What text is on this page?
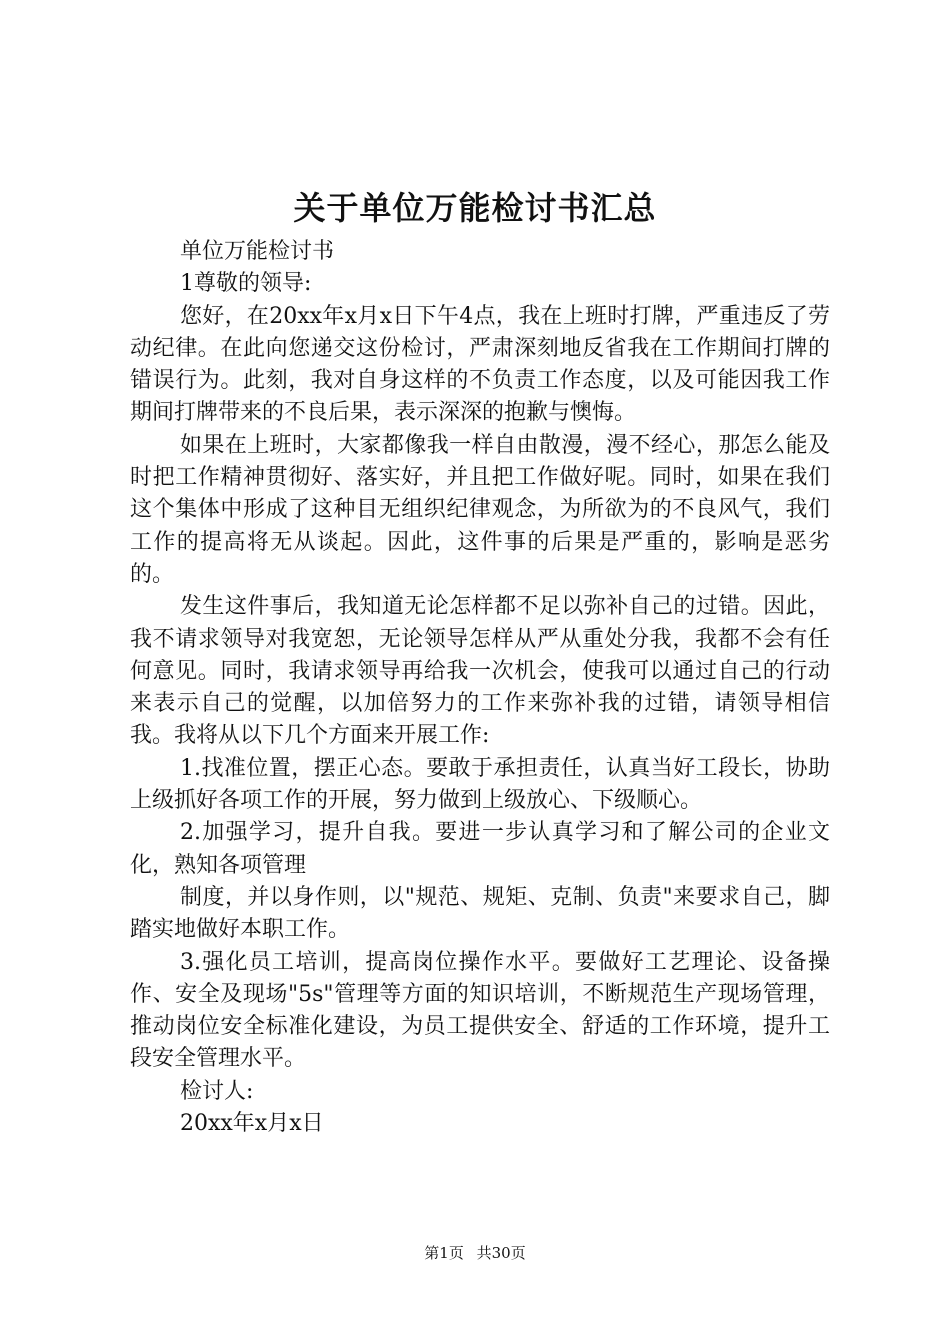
关于单位万能检讨书汇总

单位万能检讨书

1尊敬的领导:

您好，在20xx年x月x日下午4点，我在上班时打牌，严重违反了劳动纪律。在此向您递交这份检讨，严肃深刻地反省我在工作期间打牌的错误行为。此刻，我对自身这样的不负责工作态度，以及可能因我工作期间打牌带来的不良后果，表示深深的抱歉与懊悔。

如果在上班时，大家都像我一样自由散漫，漫不经心，那怎么能及时把工作精神贯彻好、落实好，并且把工作做好呢。同时，如果在我们这个集体中形成了这种目无组织纪律观念，为所欲为的不良风气，我们工作的提高将无从谈起。因此，这件事的后果是严重的，影响是恶劣的。

发生这件事后，我知道无论怎样都不足以弥补自己的过错。因此，我不请求领导对我宽恕，无论领导怎样从严从重处分我，我都不会有任何意见。同时，我请求领导再给我一次机会，使我可以通过自己的行动来表示自己的觉醒，以加倍努力的工作来弥补我的过错，请领导相信我。我将从以下几个方面来开展工作:

1.找准位置，摆正心态。要敢于承担责任，认真当好工段长，协助上级抓好各项工作的开展，努力做到上级放心、下级顺心。

2.加强学习，提升自我。要进一步认真学习和了解公司的企业文化，熟知各项管理

制度，并以身作则，以"规范、规矩、克制、负责"来要求自己，脚踏实地做好本职工作。

3.强化员工培训，提高岗位操作水平。要做好工艺理论、设备操作、安全及现场"5s"管理等方面的知识培训，不断规范生产现场管理，推动岗位安全标准化建设，为员工提供安全、舒适的工作环境，提升工段安全管理水平。

检讨人:

20xx年x月x日

第1页 共30页
